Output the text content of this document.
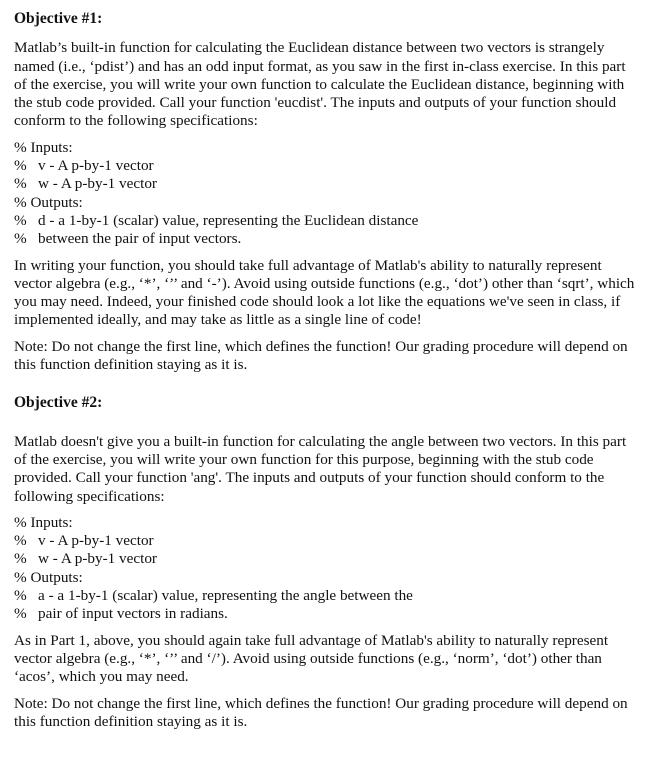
Objective #1:

Matlab’s built-in function for calculating the Euclidean distance between two vectors is strangely named (i.e., ‘pdist’) and has an odd input format, as you saw in the first in-class exercise. In this part of the exercise, you will write your own function to calculate the Euclidean distance, beginning with the stub code provided. Call your function 'eucdist'. The inputs and outputs of your function should conform to the following specifications:

% Inputs:
%   v - A p-by-1 vector
%   w - A p-by-1 vector
% Outputs:
%   d - a 1-by-1 (scalar) value, representing the Euclidean distance
%   between the pair of input vectors.

In writing your function, you should take full advantage of Matlab's ability to naturally represent vector algebra (e.g., ‘*’, ‘’’ and ‘-’). Avoid using outside functions (e.g., ‘dot’) other than ‘sqrt’, which you may need. Indeed, your finished code should look a lot like the equations we've seen in class, if implemented ideally, and may take as little as a single line of code!

Note: Do not change the first line, which defines the function! Our grading procedure will depend on this function definition staying as it is.

Objective #2:

Matlab doesn't give you a built-in function for calculating the angle between two vectors. In this part of the exercise, you will write your own function for this purpose, beginning with the stub code provided. Call your function 'ang'. The inputs and outputs of your function should conform to the following specifications:

% Inputs:
%   v - A p-by-1 vector
%   w - A p-by-1 vector
% Outputs:
%   a - a 1-by-1 (scalar) value, representing the angle between the
%   pair of input vectors in radians.

As in Part 1, above, you should again take full advantage of Matlab's ability to naturally represent vector algebra (e.g., ‘*’, ‘’’ and ‘/’). Avoid using outside functions (e.g., ‘norm’, ‘dot’) other than ‘acos’, which you may need.

Note: Do not change the first line, which defines the function! Our grading procedure will depend on this function definition staying as it is.
